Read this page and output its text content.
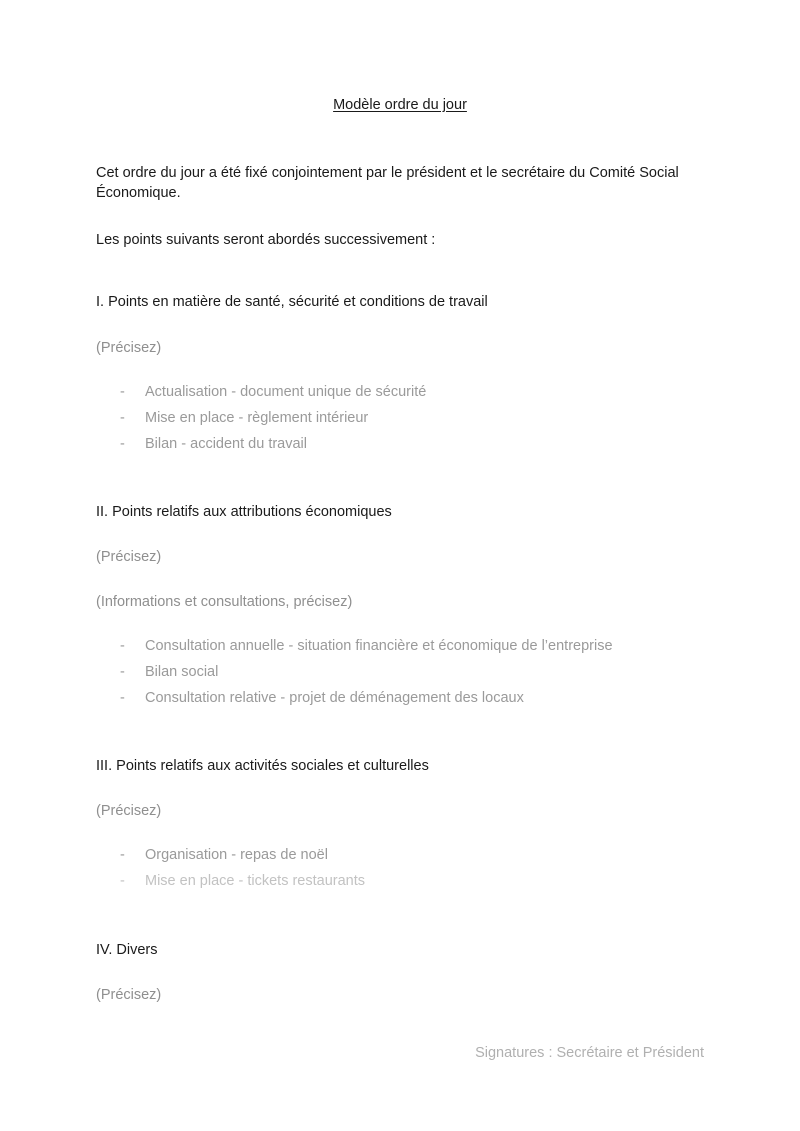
Modèle ordre du jour

Cet ordre du jour a été fixé conjointement par le président et le secrétaire du Comité Social Économique.

Les points suivants seront abordés successivement :

I. Points en matière de santé, sécurité et conditions de travail

(Précisez)

-	Actualisation - document unique de sécurité
-	Mise en place - règlement intérieur
-	Bilan - accident du travail
II. Points relatifs aux attributions économiques

(Précisez)

(Informations et consultations, précisez)

-	Consultation annuelle - situation financière et économique de l’entreprise
-	Bilan social
-	Consultation relative - projet de déménagement des locaux
III. Points relatifs aux activités sociales et culturelles

(Précisez)

-	Organisation - repas de noël
-	Mise en place - tickets restaurants
IV. Divers

(Précisez)

Signatures : Secrétaire et Président
